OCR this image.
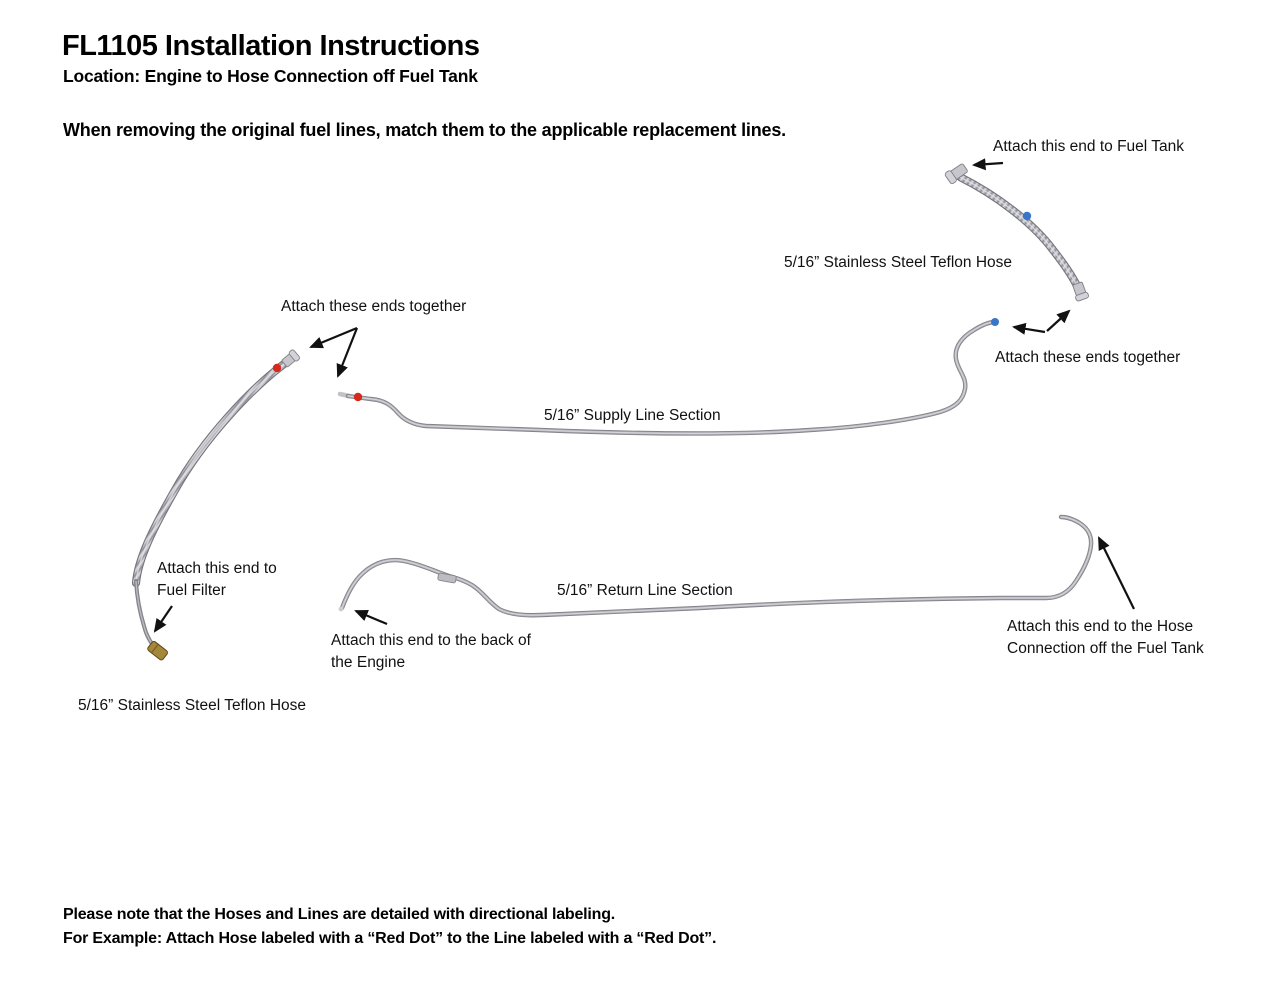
FL1105 Installation Instructions
Location: Engine to Hose Connection off Fuel Tank
When removing the original fuel lines, match them to the applicable replacement lines.
Attach this end to Fuel Tank
5/16” Stainless Steel Teflon Hose
Attach these ends together
Attach these ends together
5/16” Supply Line Section
Attach this end to
Fuel Filter	5/16” Return Line Section
Attach this end to the back of
the Engine
Attach this end to the Hose
Connection off the Fuel Tank
5/16” Stainless Steel Teflon Hose
Please note that the Hoses and Lines are detailed with directional labeling.
For Example: Attach Hose labeled with a “Red Dot” to the Line labeled with a “Red Dot”.
